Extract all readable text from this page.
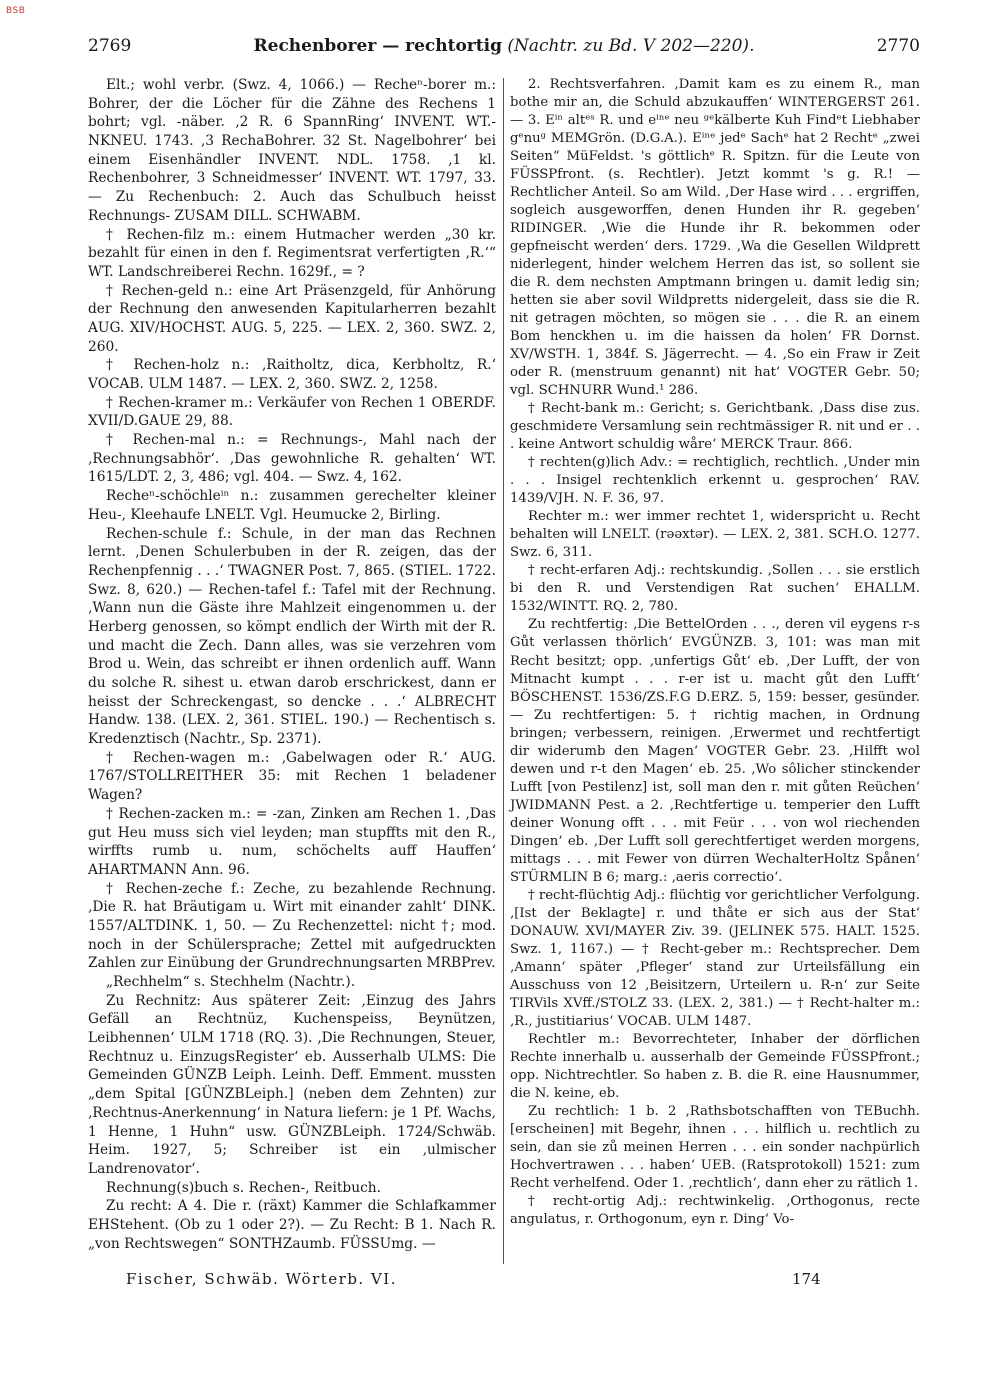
BSB
2769	Rechenborer — rechtortig (Nachtr. zu Bd. V 202—220).	2770

Elt.; wohl verbr. (Swz. 4, 1066.) — Recheⁿ-borer m.: Bohrer, der die Löcher für die Zähne des Rechens 1 bohrt; vgl. -näber. ‚2 R. 6 SpannRing‘ INVENT. WT.-NKNEU. 1743. ‚3 RechaBohrer. 32 St. Nagelbohrer‘ bei einem Eisenhändler INVENT. NDL. 1758. ‚1 kl. Rechenbohrer, 3 Schneidmesser‘ INVENT. WT. 1797, 33. — Zu Rechenbuch: 2. Auch das Schulbuch heisst Rechnungs- ZUSAM DILL. SCHWABM.

† Rechen-filz m.: einem Hutmacher werden „30 kr. bezahlt für einen in den f. Regimentsrat verfertigten ‚R.‘“ WT. Landschreiberei Rechn. 1629f., = ?

† Rechen-geld n.: eine Art Präsenzgeld, für Anhörung der Rechnung den anwesenden Kapitularherren bezahlt AUG. XIV/HOCHST. AUG. 5, 225. — LEX. 2, 360. SWZ. 2, 260.

† Rechen-holz n.: ‚Raitholtz, dica, Kerbholtz, R.‘ VOCAB. ULM 1487. — LEX. 2, 360. SWZ. 2, 1258.

† Rechen-kramer m.: Verkäufer von Rechen 1 OBERDF. XVII/D.GAUE 29, 88.

† Rechen-mal n.: = Rechnungs-, Mahl nach der ‚Rechnungsabhör‘. ‚Das gewohnliche R. gehalten‘ WT. 1615/LDT. 2, 3, 486; vgl. 404. — Swz. 4, 162.

Recheⁿ-schöchleⁱⁿ n.: zusammen gerechelter kleiner Heu-, Kleehaufe LNELT. Vgl. Heumucke 2, Birling.

Rechen-schule f.: Schule, in der man das Rechnen lernt. ‚Denen Schulerbuben in der R. zeigen, das der Rechenpfennig . . .‘ TWAGNER Post. 7, 865. (STIEL. 1722. Swz. 8, 620.) — Rechen-tafel f.: Tafel mit der Rechnung. ‚Wann nun die Gäste ihre Mahlzeit eingenommen u. der Herberg genossen, so kömpt endlich der Wirth mit der R. und macht die Zech. Dann alles, was sie verzehren vom Brod u. Wein, das schreibt er ihnen ordenlich auff. Wann du solche R. sihest u. etwan darob erschrickest, dann er heisst der Schreckengast, so dencke . . .‘ ALBRECHT Handw. 138. (LEX. 2, 361. STIEL. 190.) — Rechentisch s. Kredenztisch (Nachtr., Sp. 2371).

† Rechen-wagen m.: ‚Gabelwagen oder R.‘ AUG. 1767/STOLLREITHER 35: mit Rechen 1 beladener Wagen?

† Rechen-zacken m.: = -zan, Zinken am Rechen 1. ‚Das gut Heu muss sich viel leyden; man stupffts mit den R., wirffts rumb u. num, schöchelts auff Hauffen‘ AHARTMANN Ann. 96.

† Rechen-zeche f.: Zeche, zu bezahlende Rechnung. ‚Die R. hat Bräutigam u. Wirt mit einander zahlt‘ DINK. 1557/ALTDINK. 1, 50. — Zu Rechenzettel: nicht †; mod. noch in der Schülersprache; Zettel mit aufgedruckten Zahlen zur Einübung der Grundrechnungsarten MRBPrev.

„Rechhelm“ s. Stechhelm (Nachtr.).

Zu Rechnitz: Aus späterer Zeit: ‚Einzug des Jahrs Gefäll an Rechtnüz, Kuchenspeiss, Beynützen, Leibhennen‘ ULM 1718 (RQ. 3). ‚Die Rechnungen, Steuer, Rechtnuz u. EinzugsRegister‘ eb. Ausserhalb ULMS: Die Gemeinden GÜNZB Leiph. Leinh. Deff. Emment. mussten „dem Spital [GÜNZBLeiph.] (neben dem Zehnten) zur ‚Rechtnus-Anerkennung‘ in Natura liefern: je 1 Pf. Wachs, 1 Henne, 1 Huhn“ usw. GÜNZBLeiph. 1724/Schwäb. Heim. 1927, 5; Schreiber ist ein ‚ulmischer Landrenovator‘.

Rechnung(s)buch s. Rechen-, Reitbuch.

Zu recht: A 4. Die r. (räxt) Kammer die Schlafkammer EHStehent. (Ob zu 1 oder 2?). — Zu Recht: B 1. Nach R. „von Rechtswegen“ SONTHZaumb. FÜSSUmg. —

2. Rechtsverfahren. ‚Damit kam es zu einem R., man bothe mir an, die Schuld abzukauffen‘ WINTERGERST 261. — 3. Eⁱⁿ altᵉˢ R. und eⁱⁿᵉ neu ᵍᵉkälberte Kuh Findᵉt Liebhaber gᵉnuᵍ MEMGrön. (D.G.A.). Eⁱⁿᵉ jedᵉ Sachᵉ hat 2 Rechtᵉ „zwei Seiten“ MüFeldst. 's göttlichᵉ R. Spitzn. für die Leute von FÜSSPfront. (s. Rechtler). Jetzt kommt 's g. R.! — Rechtlicher Anteil. So am Wild. ‚Der Hase wird . . . ergriffen, sogleich ausgeworffen, denen Hunden ihr R. gegeben‘ RIDINGER. ‚Wie die Hunde ihr R. bekommen oder gepfneischt werden‘ ders. 1729. ‚Wa die Gesellen Wildprett niderlegent, hinder welchem Herren das ist, so sollent sie die R. dem nechsten Amptmann bringen u. damit ledig sin; hetten sie aber sovil Wildpretts nidergeleit, dass sie die R. nit getragen möchten, so mögen sie . . . die R. an einem Bom henckhen u. im die haissen da holen‘ FR Dornst. XV/WSTH. 1, 384f. S. Jägerrecht. — 4. ‚So ein Fraw ir Zeit oder R. (menstruum genannt) nit hat‘ VOGTER Gebr. 50; vgl. SCHNURR Wund.¹ 286.

† Recht-bank m.: Gericht; s. Gerichtbank. ‚Dass dise zus. geschmideте Versamlung sein rechtmässiger R. nit und er . . . keine Antwort schuldig wåre‘ MERCK Traur. 866.

† rechten(g)lich Adv.: = rechtiglich, rechtlich. ‚Under min . . . Insigel rechtenklich erkennt u. gesprochen‘ RAV. 1439/VJH. N. F. 36, 97.

Rechter m.: wer immer rechtet 1, widerspricht u. Recht behalten will LNELT. (rǝəxtər). — LEX. 2, 381. SCH.O. 1277. Swz. 6, 311.

† recht-erfaren Adj.: rechtskundig. ‚Sollen . . . sie erstlich bi den R. und Verstendigen Rat suchen‘ EHALLM. 1532/WINTT. RQ. 2, 780.

Zu rechtfertig: ‚Die BettelOrden . . ., deren vil eygens r-s Gůt verlassen thörlich‘ EVGÜNZB. 3, 101: was man mit Recht besitzt; opp. ‚unfertigs Gůt‘ eb. ‚Der Lufft, der von Mitnacht kumpt . . . r-er ist u. macht gůt den Lufft‘ BÖSCHENST. 1536/ZS.F.G D.ERZ. 5, 159: besser, gesünder. — Zu rechtfertigen: 5. † richtig machen, in Ordnung bringen; verbessern, reinigen. ‚Erwermet und rechtfertigt dir widerumb den Magen‘ VOGTER Gebr. 23. ‚Hilfft wol dewen und r-t den Magen‘ eb. 25. ‚Wo sôlicher stinckender Lufft [von Pestilenz] ist, soll man den r. mit gůten Reüchen‘ JWIDMANN Pest. a 2. ‚Rechtfertige u. temperier den Lufft deiner Wonung offt . . . mit Feür . . . von wol riechenden Dingen‘ eb. ‚Der Lufft soll gerechtfertiget werden morgens, mittags . . . mit Fewer von dürren WechalterHoltz Spånen‘ STÜRMLIN B 6; marg.: ‚aeris correctio‘.

† recht-flüchtig Adj.: flüchtig vor gerichtlicher Verfolgung. ‚[Ist der Beklagte] r. und thåte er sich aus der Stat‘ DONAUW. XVI/MAYER Ziv. 39. (JELINEK 575. HALT. 1525. Swz. 1, 1167.) — † Recht-geber m.: Rechtsprecher. Dem ‚Amann‘ später ‚Pfleger‘ stand zur Urteilsfällung ein Ausschuss von 12 ‚Beisitzern, Urteilern u. R-n‘ zur Seite TIRVils XVff./STOLZ 33. (LEX. 2, 381.) — † Recht-halter m.: ‚R., justitiarius‘ VOCAB. ULM 1487.

Rechtler m.: Bevorrechteter, Inhaber der dörflichen Rechte innerhalb u. ausserhalb der Gemeinde FÜSSPfront.; opp. Nichtrechtler. So haben z. B. die R. eine Hausnummer, die N. keine, eb.

Zu rechtlich: 1 b. 2 ‚Rathsbotschafften von TEBuchh. [erscheinen] mit Begehr, ihnen . . . hilflich u. rechtlich zu sein, dan sie zů meinen Herren . . . ein sonder nachpürlich Hochvertrawen . . . haben‘ UEB. (Ratsprotokoll) 1521: zum Recht verhelfend. Oder 1. ‚rechtlich‘, dann eher zu rätlich 1.

† recht-ortig Adj.: rechtwinkelig. ‚Orthogonus, recte angulatus, r. Orthogonum, eyn r. Ding‘ Vo-

Fischer, Schwäb. Wörterb. VI.	174
